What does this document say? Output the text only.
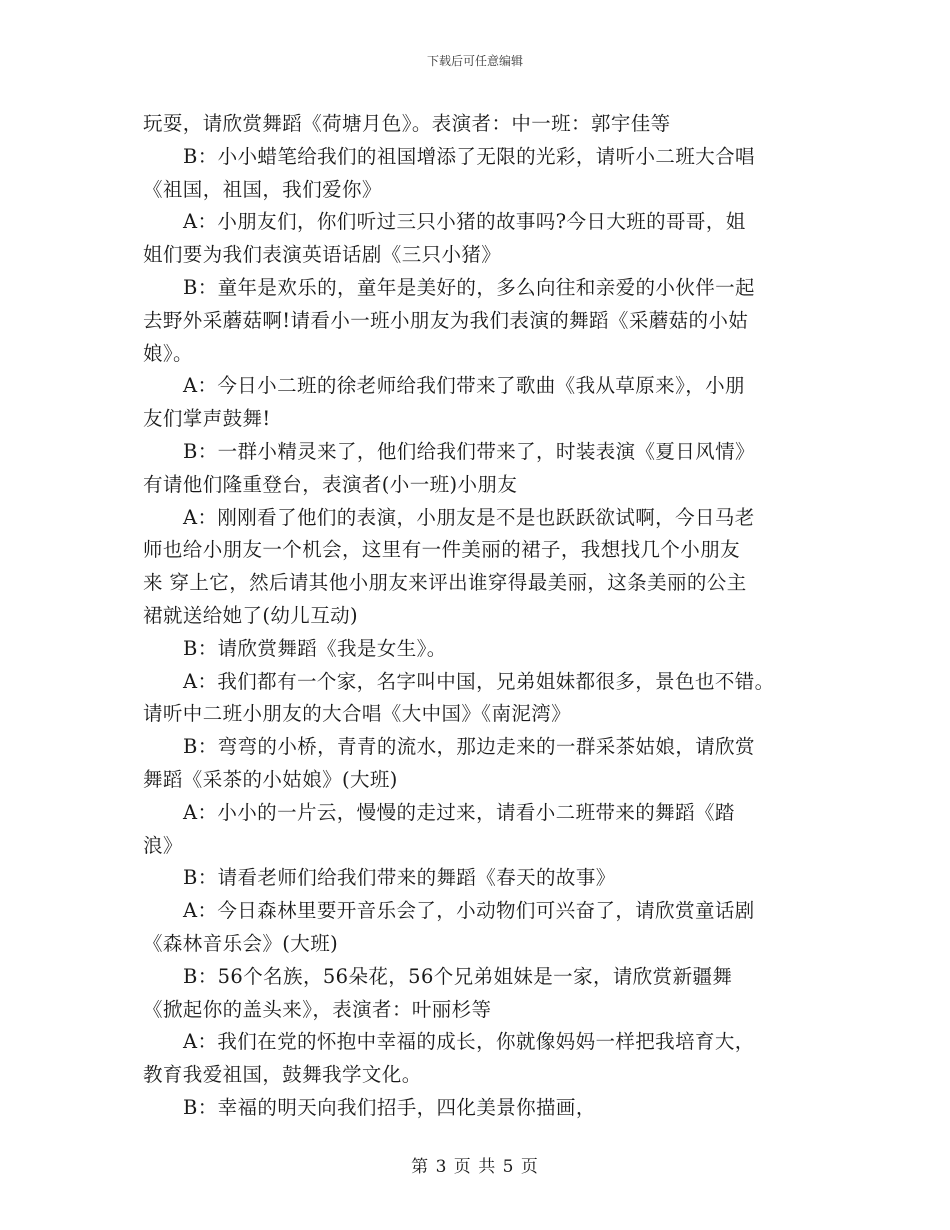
下载后可任意编辑
玩耍，请欣赏舞蹈《荷塘月色》。表演者：中一班：郭宇佳等
B：小小蜡笔给我们的祖国增添了无限的光彩，请听小二班大合唱
《祖国，祖国，我们爱你》
A：小朋友们，你们听过三只小猪的故事吗?今日大班的哥哥，姐
姐们要为我们表演英语话剧《三只小猪》
B：童年是欢乐的，童年是美好的，多么向往和亲爱的小伙伴一起
去野外采蘑菇啊!请看小一班小朋友为我们表演的舞蹈《采蘑菇的小姑
娘》。
A：今日小二班的徐老师给我们带来了歌曲《我从草原来》，小朋
友们掌声鼓舞!
B：一群小精灵来了，他们给我们带来了，时装表演《夏日风情》
有请他们隆重登台，表演者(小一班)小朋友
A：刚刚看了他们的表演，小朋友是不是也跃跃欲试啊，今日马老
师也给小朋友一个机会，这里有一件美丽的裙子，我想找几个小朋友
来 穿上它，然后请其他小朋友来评出谁穿得最美丽，这条美丽的公主
裙就送给她了(幼儿互动)
B：请欣赏舞蹈《我是女生》。
A：我们都有一个家，名字叫中国，兄弟姐妹都很多，景色也不错。
请听中二班小朋友的大合唱《大中国》《南泥湾》
B：弯弯的小桥，青青的流水，那边走来的一群采茶姑娘，请欣赏
舞蹈《采茶的小姑娘》(大班)
A：小小的一片云，慢慢的走过来，请看小二班带来的舞蹈《踏
浪》
B：请看老师们给我们带来的舞蹈《春天的故事》
A：今日森林里要开音乐会了，小动物们可兴奋了，请欣赏童话剧
《森林音乐会》(大班)
B：56个名族，56朵花，56个兄弟姐妹是一家，请欣赏新疆舞
《掀起你的盖头来》，表演者：叶丽杉等
A：我们在党的怀抱中幸福的成长，你就像妈妈一样把我培育大，
教育我爱祖国，鼓舞我学文化。
B：幸福的明天向我们招手，四化美景你描画，
第 3 页 共 5 页
